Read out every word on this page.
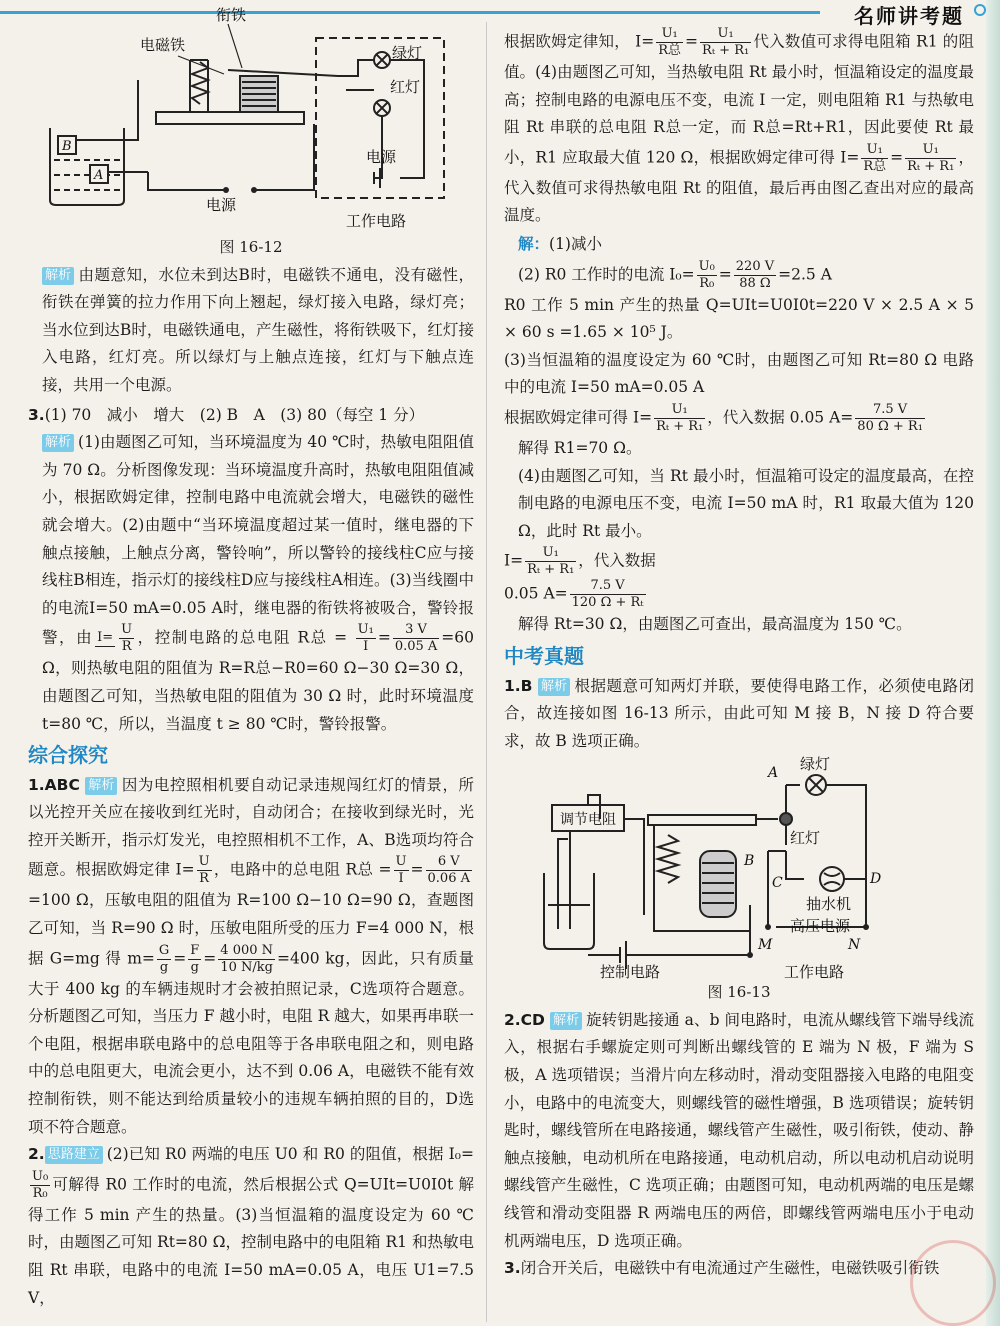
名师讲考题
衔铁
电磁铁	绿灯
红灯
电源
电源
工作电路
B
A
图 16-12

解析 由题意知，水位未到达B时，电磁铁不通电，没有磁性，衔铁在弹簧的拉力作用下向上翘起，绿灯接入电路，绿灯亮；当水位到达B时，电磁铁通电，产生磁性，将衔铁吸下，红灯接入电路，红灯亮。所以绿灯与上触点连接，红灯与下触点连接，共用一个电源。

3.(1) 70　减小　增大　(2) B　A　(3) 80（每空 1 分）

解析 (1)由题图乙可知，当环境温度为 40 ℃时，热敏电阻阻值为 70 Ω。分析图像发现：当环境温度升高时，热敏电阻阻值减小，根据欧姆定律，控制电路中电流就会增大，电磁铁的磁性就会增大。(2)由题中“当环境温度超过某一值时，继电器的下触点接触，上触点分离，警铃响”，所以警铃的接线柱C应与接线柱B相连，指示灯的接线柱D应与接线柱A相连。(3)当线圈中的电流I=50 mA=0.05 A时，继电器的衔铁将被吸合，警铃报警，由 $I= \frac{U}{R}$ ，控制电路的总电阻 R总 = $\frac{\text{U₁}}{I} = \frac{3 V}{0.05 A} =60$ Ω，则热敏电阻的阻值为 R=R总−R0=60 Ω−30 Ω=30 Ω，由题图乙可知，当热敏电阻的阻值为 30 Ω 时，此时环境温度 t=80 ℃，所以，当温度 t ≥ 80 ℃时，警铃报警。

综合探究

1.ABC 解析 因为电控照相机要自动记录违规闯红灯的情景，所以光控开关应在接收到红光时，自动闭合；在接收到绿光时，光控开关断开，指示灯发光，电控照相机不工作，A、B选项均符合题意。根据欧姆定律 $I= \frac{U}{R}$ ，电路中的总电阻 R总 = $\frac{U}{I} = \frac{6 V}{0.06 A}$
=100 Ω，压敏电阻的阻值为 R=100 Ω−10 Ω=90 Ω，查题图乙可知，当 R=90 Ω 时，压敏电阻所受的压力 F=4 000 N，根据 G=mg 得 $m= \frac{G}{g} = \frac{F}{g} = \frac{4 000 N}{10 N/kg} =400$ kg，因此，只有质量大于 400 kg 的车辆违规时才会被拍照记录，C选项符合题意。分析题图乙可知，当压力 F 越小时，电阻 R 越大，如果再串联一个电阻，根据串联电路中的总电阻等于各串联电阻之和，则电路中的总电阻更大，电流会更小，达不到 0.06 A，电磁铁不能有效控制衔铁，则不能达到给质量较小的违规车辆拍照的目的，D选项不符合题意。

2. 思路建立 (2)已知 R0 两端的电压 U0 和 R0 的阻值，根据 I₀=
$\frac{\text{U₀}}{\text{R₀}}$ 可解得 R0 工作时的电流，然后根据公式 Q=UIt=U0I0t 解得工作 5 min 产生的热量。(3)当恒温箱的温度设定为 60 ℃时，由题图乙可知 Rt=80 Ω，控制电路中的电阻箱 R1 和热敏电阻 Rt 串联，电路中的电流 I=50 mA=0.05 A，电压 U1=7.5 V，

根据欧姆定律知， $I= \frac{\text{U₁}}{\text{R总}} = \frac{\text{U₁}}{\text{Rₜ + R₁}}$ 代入数值可求得电阻箱 R1 的阻值。(4)由题图乙可知，当热敏电阻 Rt 最小时，恒温箱设定的温度最高；控制电路的电源电压不变，电流 I 一定，则电阻箱 R1 与热敏电阻 Rt 串联的总电阻 R总一定，而 R总=Rt+R1，因此要使 Rt 最小，R1 应取最大值 120 Ω，根据欧姆定律可得 $I= \frac{\text{U₁}}{\text{R总}} = \frac{\text{U₁}}{\text{Rₜ + R₁}}$ ，代入数值可求得热敏电阻 Rt 的阻值，最后再由图乙查出对应的最高温度。

解：(1)减小

(2) R0 工作时的电流 $I_0= \frac{\text{U₀}}{\text{R₀}} = \frac{220 V}{88 \Omega} =2.5$ A

R0 工作 5 min 产生的热量 Q=UIt=U0I0t=220 V × 2.5 A × 5 × 60 s =1.65 × 10⁵ J。

(3)当恒温箱的温度设定为 60 ℃时，由题图乙可知 Rt=80 Ω 电路中的电流 I=50 mA=0.05 A

根据欧姆定律可得 $I= \frac{\text{U₁}}{\text{Rₜ + R₁}}$ ，代入数据 0.05 $A= \frac{7.5 V}{\text{80 Ω + R₁}}$

解得 R1=70 Ω。

(4)由题图乙可知，当 Rt 最小时，恒温箱可设定的温度最高，在控制电路的电源电压不变，电流 I=50 mA 时，R1 取最大值为 120 Ω，此时 Rt 最小。

$I= \frac{\text{U₁}}{\text{Rₜ + R₁}}$ ，代入数据

0.05 $A= \frac{7.5 V}{\text{120 Ω + Rₜ}}$

解得 Rt=30 Ω，由题图乙可查出，最高温度为 150 ℃。

中考真题

1.B 解析 根据题意可知两灯并联，要使得电路工作，必须使电路闭合，故连接如图 16-13 所示，由此可知 M 接 B，N 接 D 符合要求，故 B 选项正确。

绿灯
红灯
抽水机
高压电源
调节电阻
控制电路	工作电路
A
B
C	D
M	N
图 16-13

2.CD 解析 旋转钥匙接通 a、b 间电路时，电流从螺线管下端导线流入，根据右手螺旋定则可判断出螺线管的 E 端为 N 极，F 端为 S 极，A 选项错误；当滑片向左移动时，滑动变阻器接入电路的电阻变小，电路中的电流变大，则螺线管的磁性增强，B 选项错误；旋转钥匙时，螺线管所在电路接通，螺线管产生磁性，吸引衔铁，使动、静触点接触，电动机所在电路接通，电动机启动，所以电动机启动说明螺线管产生磁性，C 选项正确；由题图可知，电动机两端的电压是螺线管和滑动变阻器 R 两端电压的两倍，即螺线管两端电压小于电动机两端电压，D 选项正确。

3.闭合开关后，电磁铁中有电流通过产生磁性，电磁铁吸引衔铁
